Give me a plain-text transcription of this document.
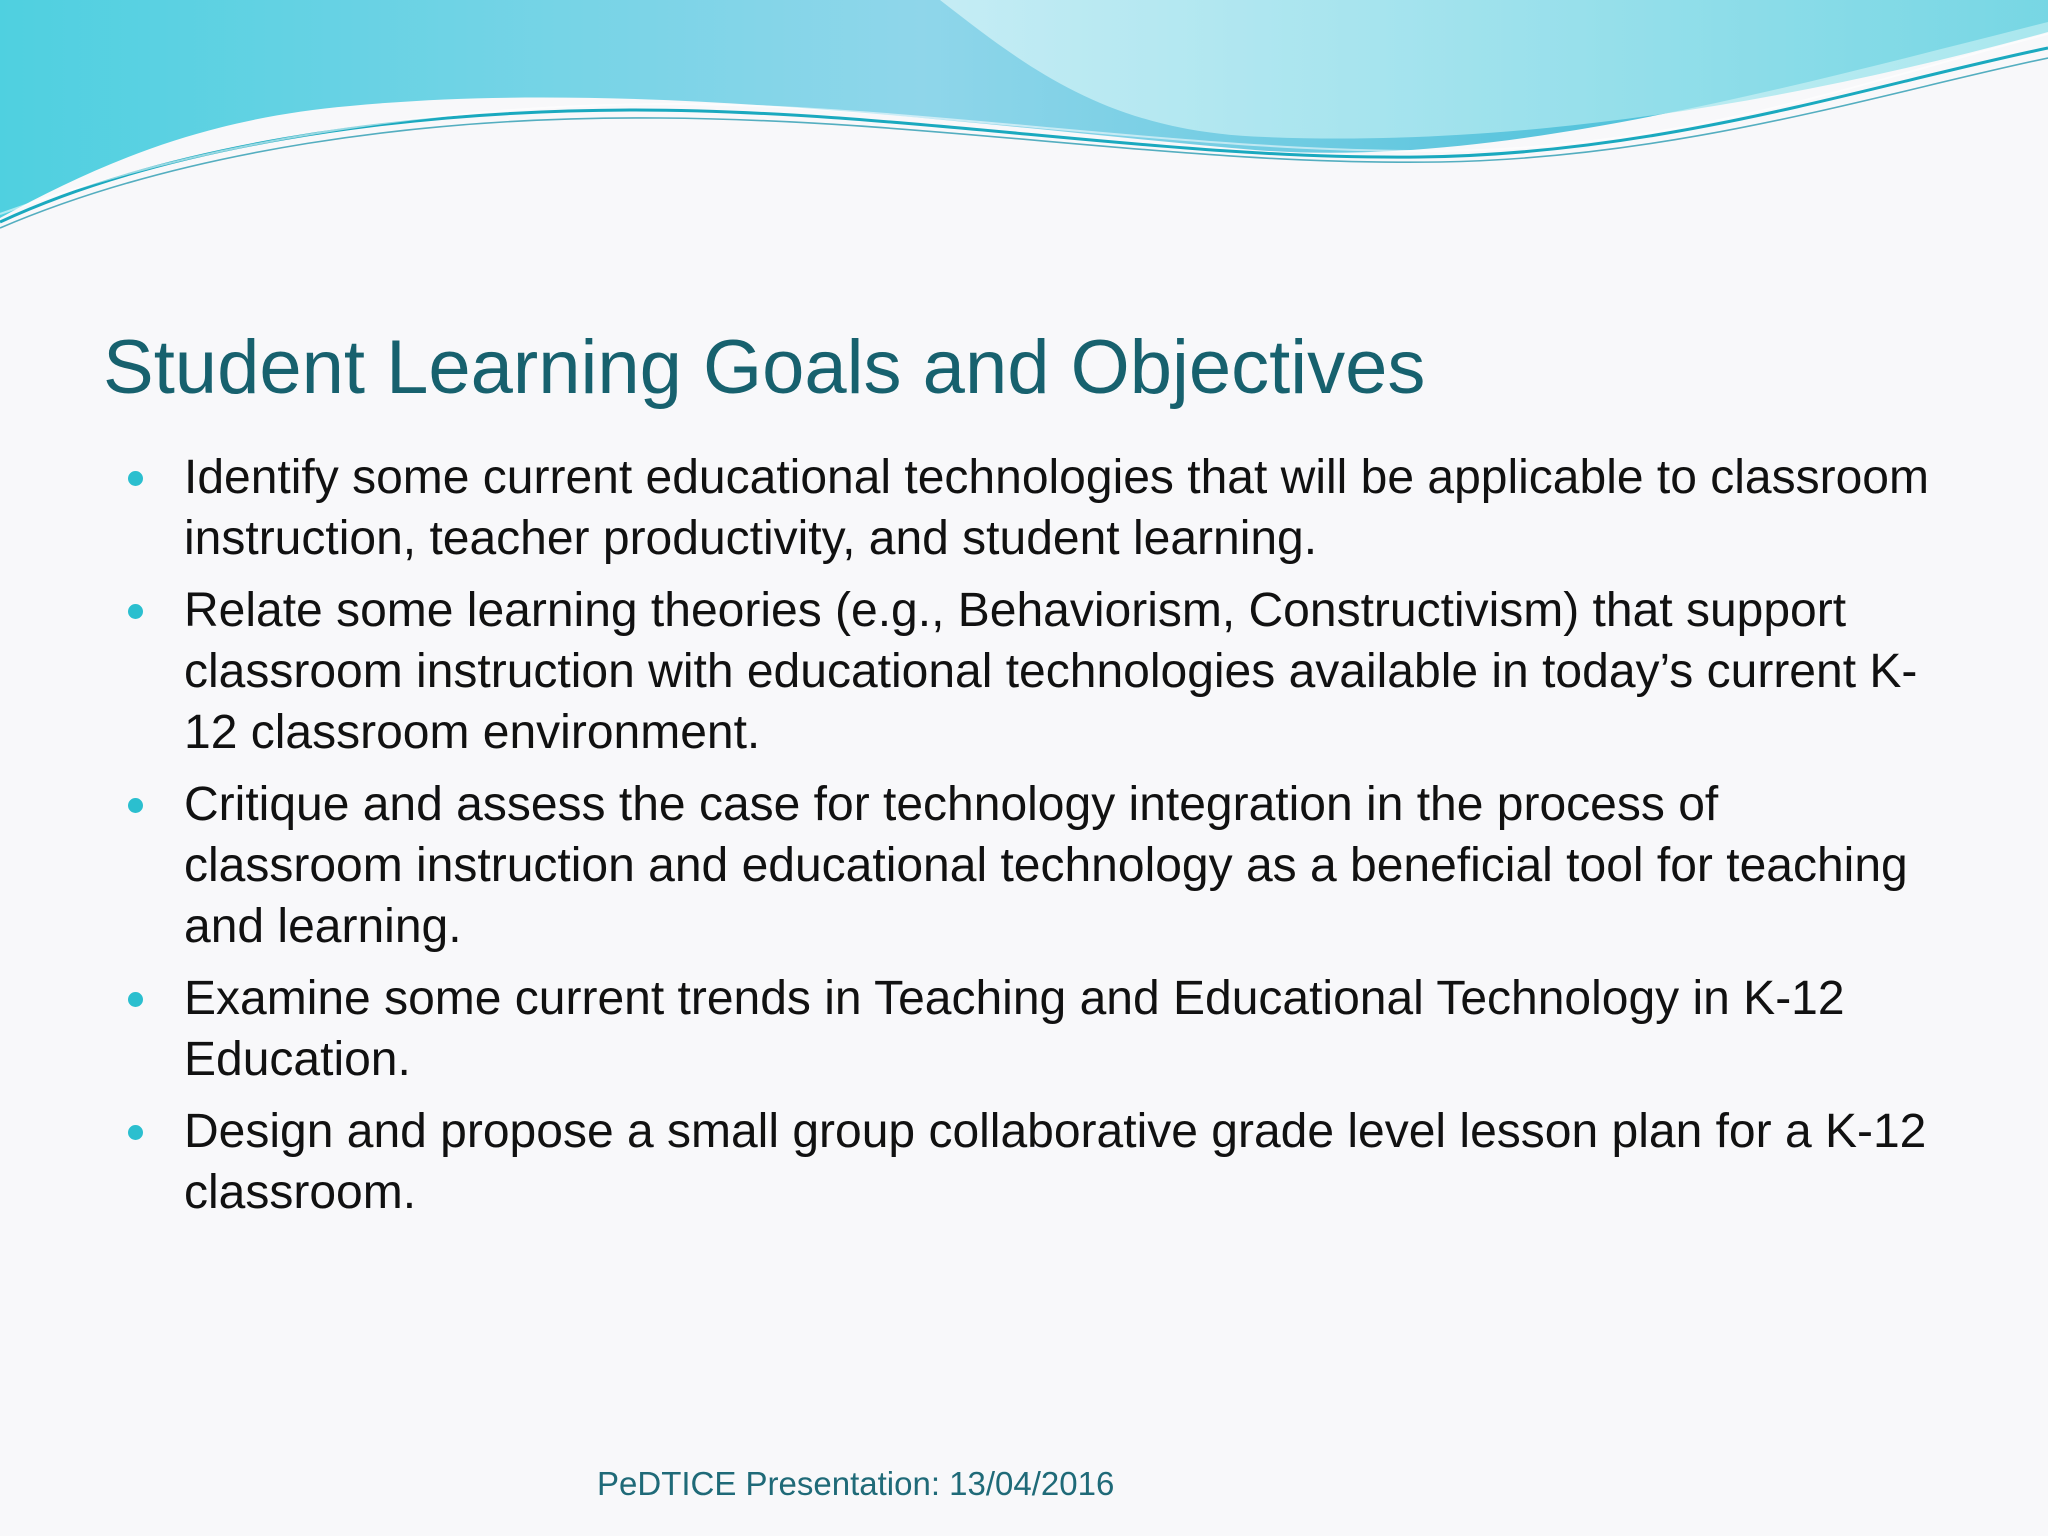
Student Learning Goals and Objectives
Identify some current educational technologies that will be applicable to classroom instruction, teacher productivity, and student learning.
Relate some learning theories (e.g., Behaviorism, Constructivism) that support classroom instruction with educational technologies available in today’s current K-12 classroom environment.
Critique and assess the case for technology integration in the process of classroom instruction and educational technology as a beneficial tool for teaching and learning.
Examine some current trends in Teaching and Educational Technology in K-12 Education.
Design and propose a small group collaborative grade level lesson plan for a K-12 classroom.
PeDTICE Presentation: 13/04/2016
